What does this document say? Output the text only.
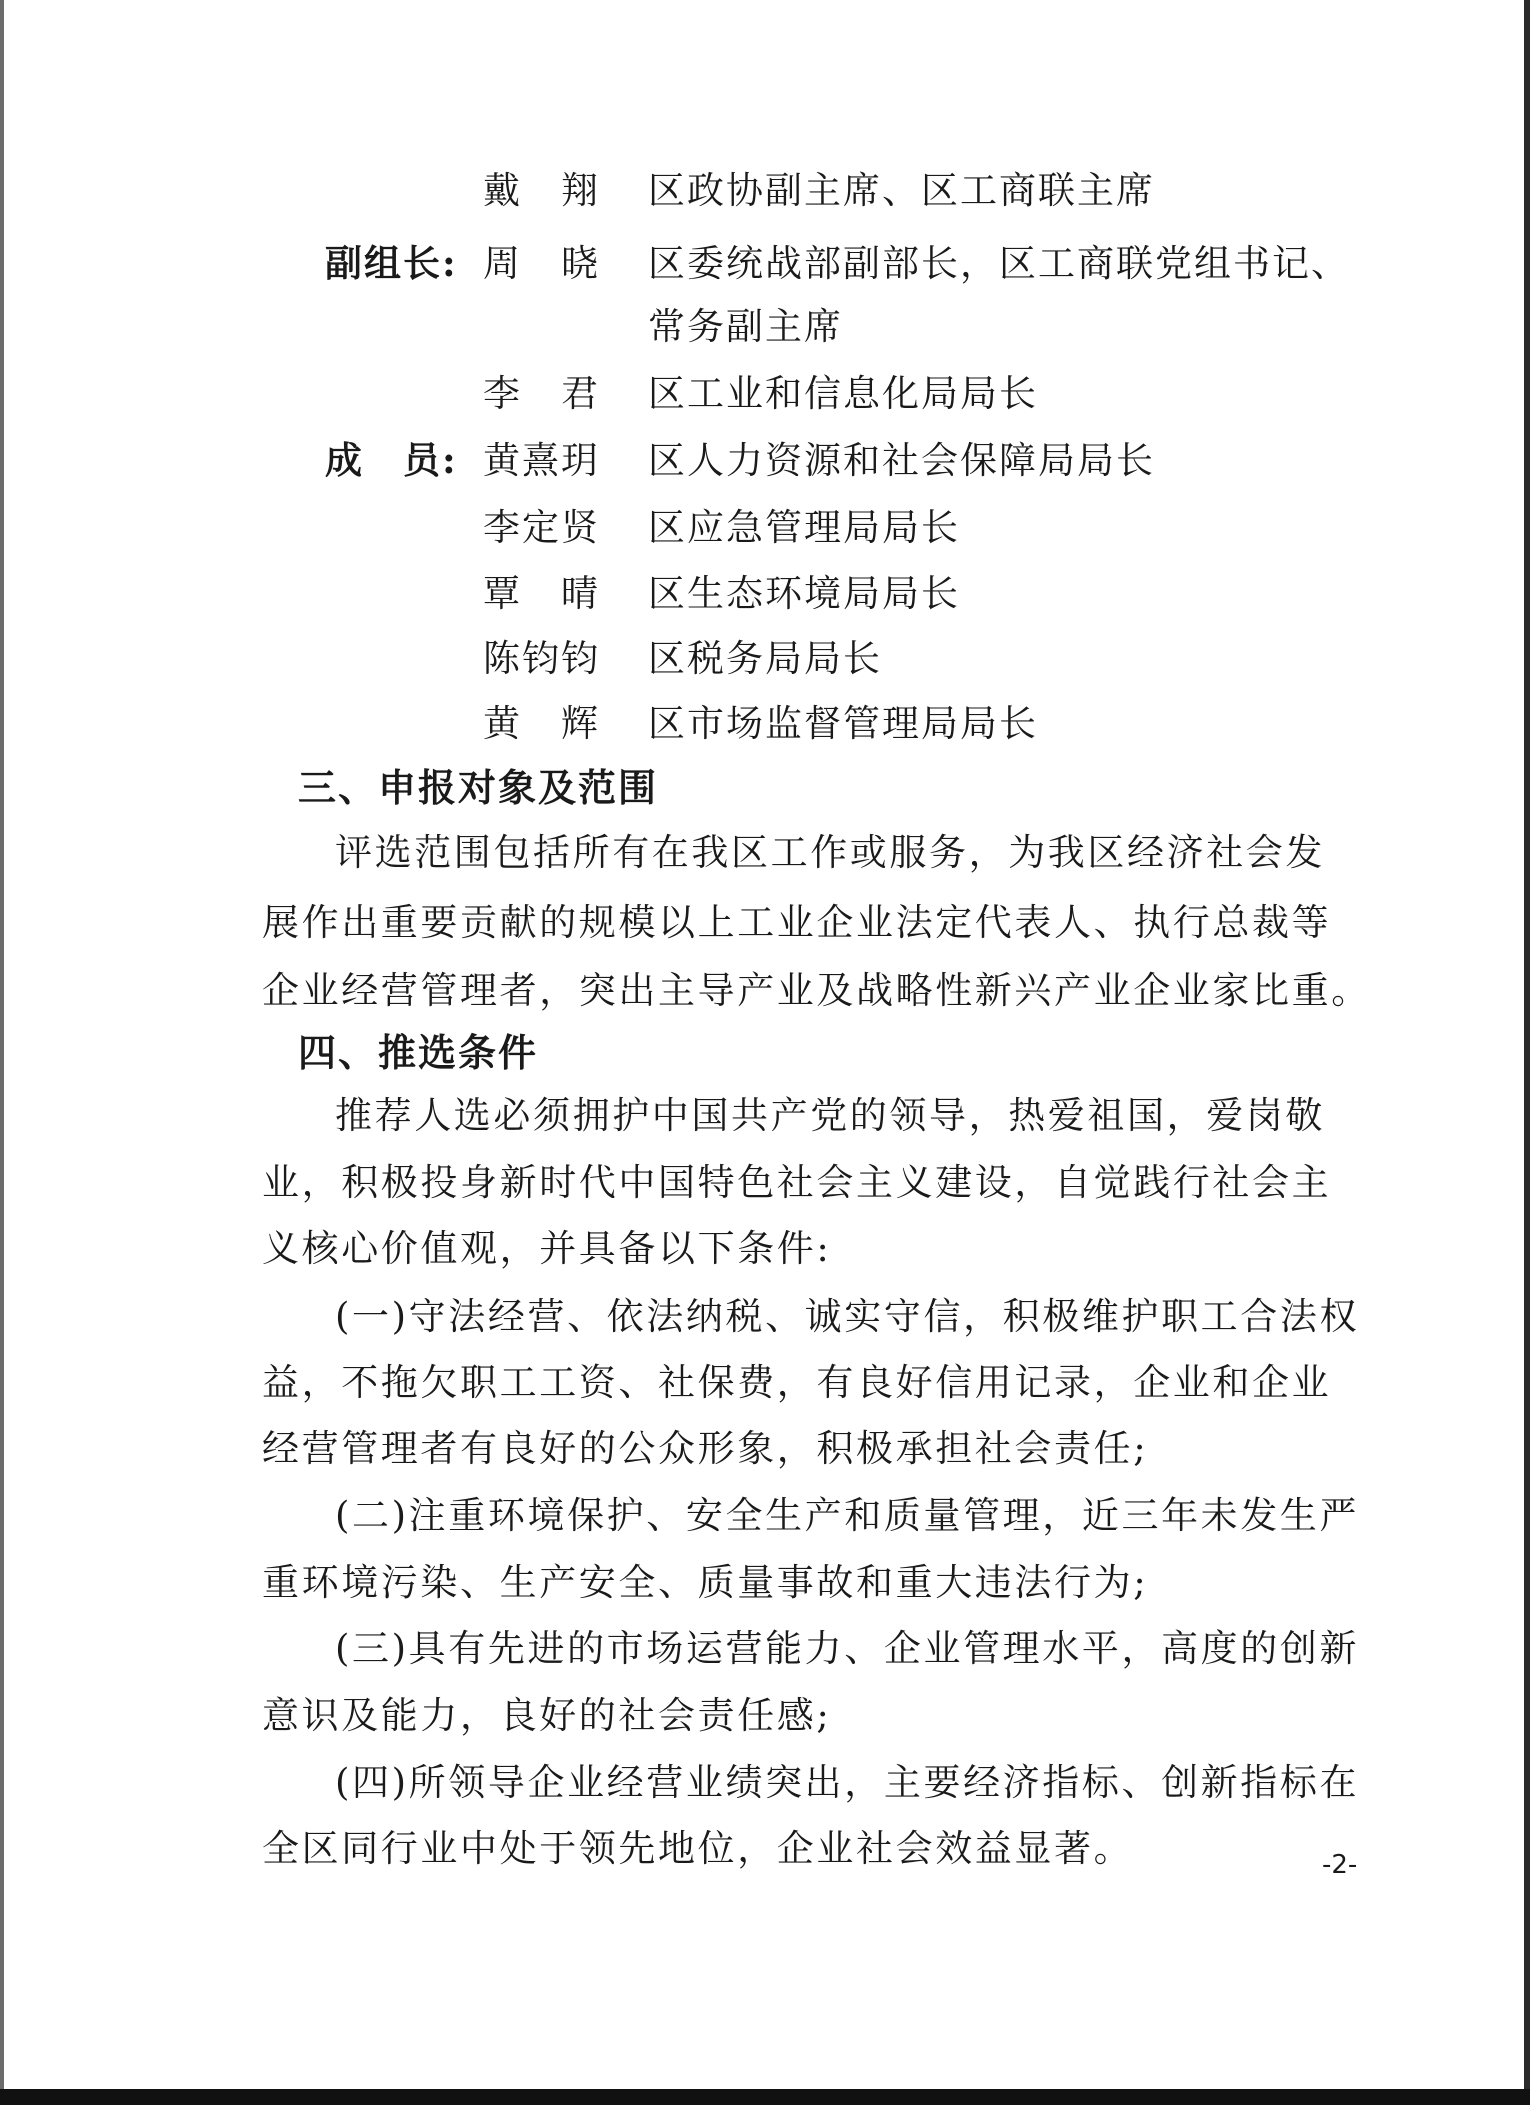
戴　翔 区政协副主席、区工商联主席
副组长: 周　晓 区委统战部副部长，区工商联党组书记、
常务副主席
李　君 区工业和信息化局局长
成　员: 黄熹玥 区人力资源和社会保障局局长
李定贤 区应急管理局局长
覃　晴 区生态环境局局长
陈钧钧 区税务局局长
黄　辉 区市场监督管理局局长
三、申报对象及范围
评选范围包括所有在我区工作或服务，为我区经济社会发
展作出重要贡献的规模以上工业企业法定代表人、执行总裁等
企业经营管理者，突出主导产业及战略性新兴产业企业家比重。
四、推选条件
推荐人选必须拥护中国共产党的领导，热爱祖国，爱岗敬
业，积极投身新时代中国特色社会主义建设，自觉践行社会主
义核心价值观，并具备以下条件:
(一)守法经营、依法纳税、诚实守信，积极维护职工合法权
益，不拖欠职工工资、社保费，有良好信用记录，企业和企业
经营管理者有良好的公众形象，积极承担社会责任;
(二)注重环境保护、安全生产和质量管理，近三年未发生严
重环境污染、生产安全、质量事故和重大违法行为;
(三)具有先进的市场运营能力、企业管理水平，高度的创新
意识及能力，良好的社会责任感;
(四)所领导企业经营业绩突出，主要经济指标、创新指标在
全区同行业中处于领先地位，企业社会效益显著。	-2-
